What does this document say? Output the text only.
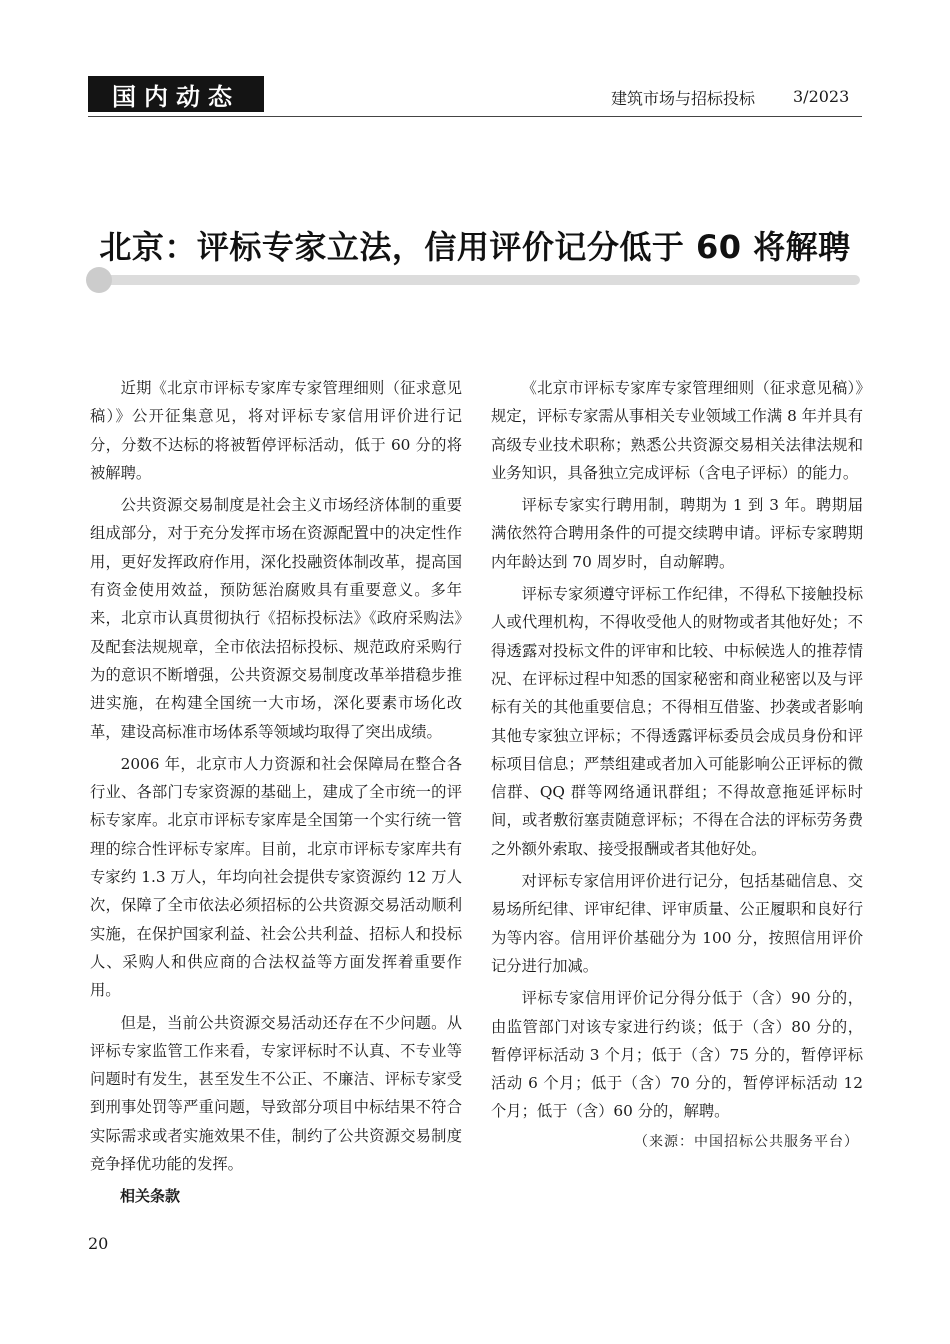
国内动态	建筑市场与招标投标 3/2023
北京：评标专家立法，信用评价记分低于 60 将解聘

近期《北京市评标专家库专家管理细则（征求意见稿）》公开征集意见，将对评标专家信用评价进行记分，分数不达标的将被暂停评标活动，低于 60 分的将被解聘。

公共资源交易制度是社会主义市场经济体制的重要组成部分，对于充分发挥市场在资源配置中的决定性作用，更好发挥政府作用，深化投融资体制改革，提高国有资金使用效益，预防惩治腐败具有重要意义。多年来，北京市认真贯彻执行《招标投标法》《政府采购法》及配套法规规章，全市依法招标投标、规范政府采购行为的意识不断增强，公共资源交易制度改革举措稳步推进实施，在构建全国统一大市场，深化要素市场化改革，建设高标准市场体系等领域均取得了突出成绩。

2006 年，北京市人力资源和社会保障局在整合各行业、各部门专家资源的基础上，建成了全市统一的评标专家库。北京市评标专家库是全国第一个实行统一管理的综合性评标专家库。目前，北京市评标专家库共有专家约 1.3 万人，年均向社会提供专家资源约 12 万人次，保障了全市依法必须招标的公共资源交易活动顺利实施，在保护国家利益、社会公共利益、招标人和投标人、采购人和供应商的合法权益等方面发挥着重要作用。

但是，当前公共资源交易活动还存在不少问题。从评标专家监管工作来看，专家评标时不认真、不专业等问题时有发生，甚至发生不公正、不廉洁、评标专家受到刑事处罚等严重问题，导致部分项目中标结果不符合实际需求或者实施效果不佳，制约了公共资源交易制度竞争择优功能的发挥。

相关条款

《北京市评标专家库专家管理细则（征求意见稿）》规定，评标专家需从事相关专业领域工作满 8 年并具有高级专业技术职称；熟悉公共资源交易相关法律法规和业务知识，具备独立完成评标（含电子评标）的能力。

评标专家实行聘用制，聘期为 1 到 3 年。聘期届满依然符合聘用条件的可提交续聘申请。评标专家聘期内年龄达到 70 周岁时，自动解聘。

评标专家须遵守评标工作纪律，不得私下接触投标人或代理机构，不得收受他人的财物或者其他好处；不得透露对投标文件的评审和比较、中标候选人的推荐情况、在评标过程中知悉的国家秘密和商业秘密以及与评标有关的其他重要信息；不得相互借鉴、抄袭或者影响其他专家独立评标；不得透露评标委员会成员身份和评标项目信息；严禁组建或者加入可能影响公正评标的微信群、QQ 群等网络通讯群组；不得故意拖延评标时间，或者敷衍塞责随意评标；不得在合法的评标劳务费之外额外索取、接受报酬或者其他好处。

对评标专家信用评价进行记分，包括基础信息、交易场所纪律、评审纪律、评审质量、公正履职和良好行为等内容。信用评价基础分为 100 分，按照信用评价记分进行加减。

评标专家信用评价记分得分低于（含）90 分的，由监管部门对该专家进行约谈；低于（含）80 分的，暂停评标活动 3 个月；低于（含）75 分的，暂停评标活动 6 个月；低于（含）70 分的，暂停评标活动 12 个月；低于（含）60 分的，解聘。

（来源：中国招标公共服务平台）
20
